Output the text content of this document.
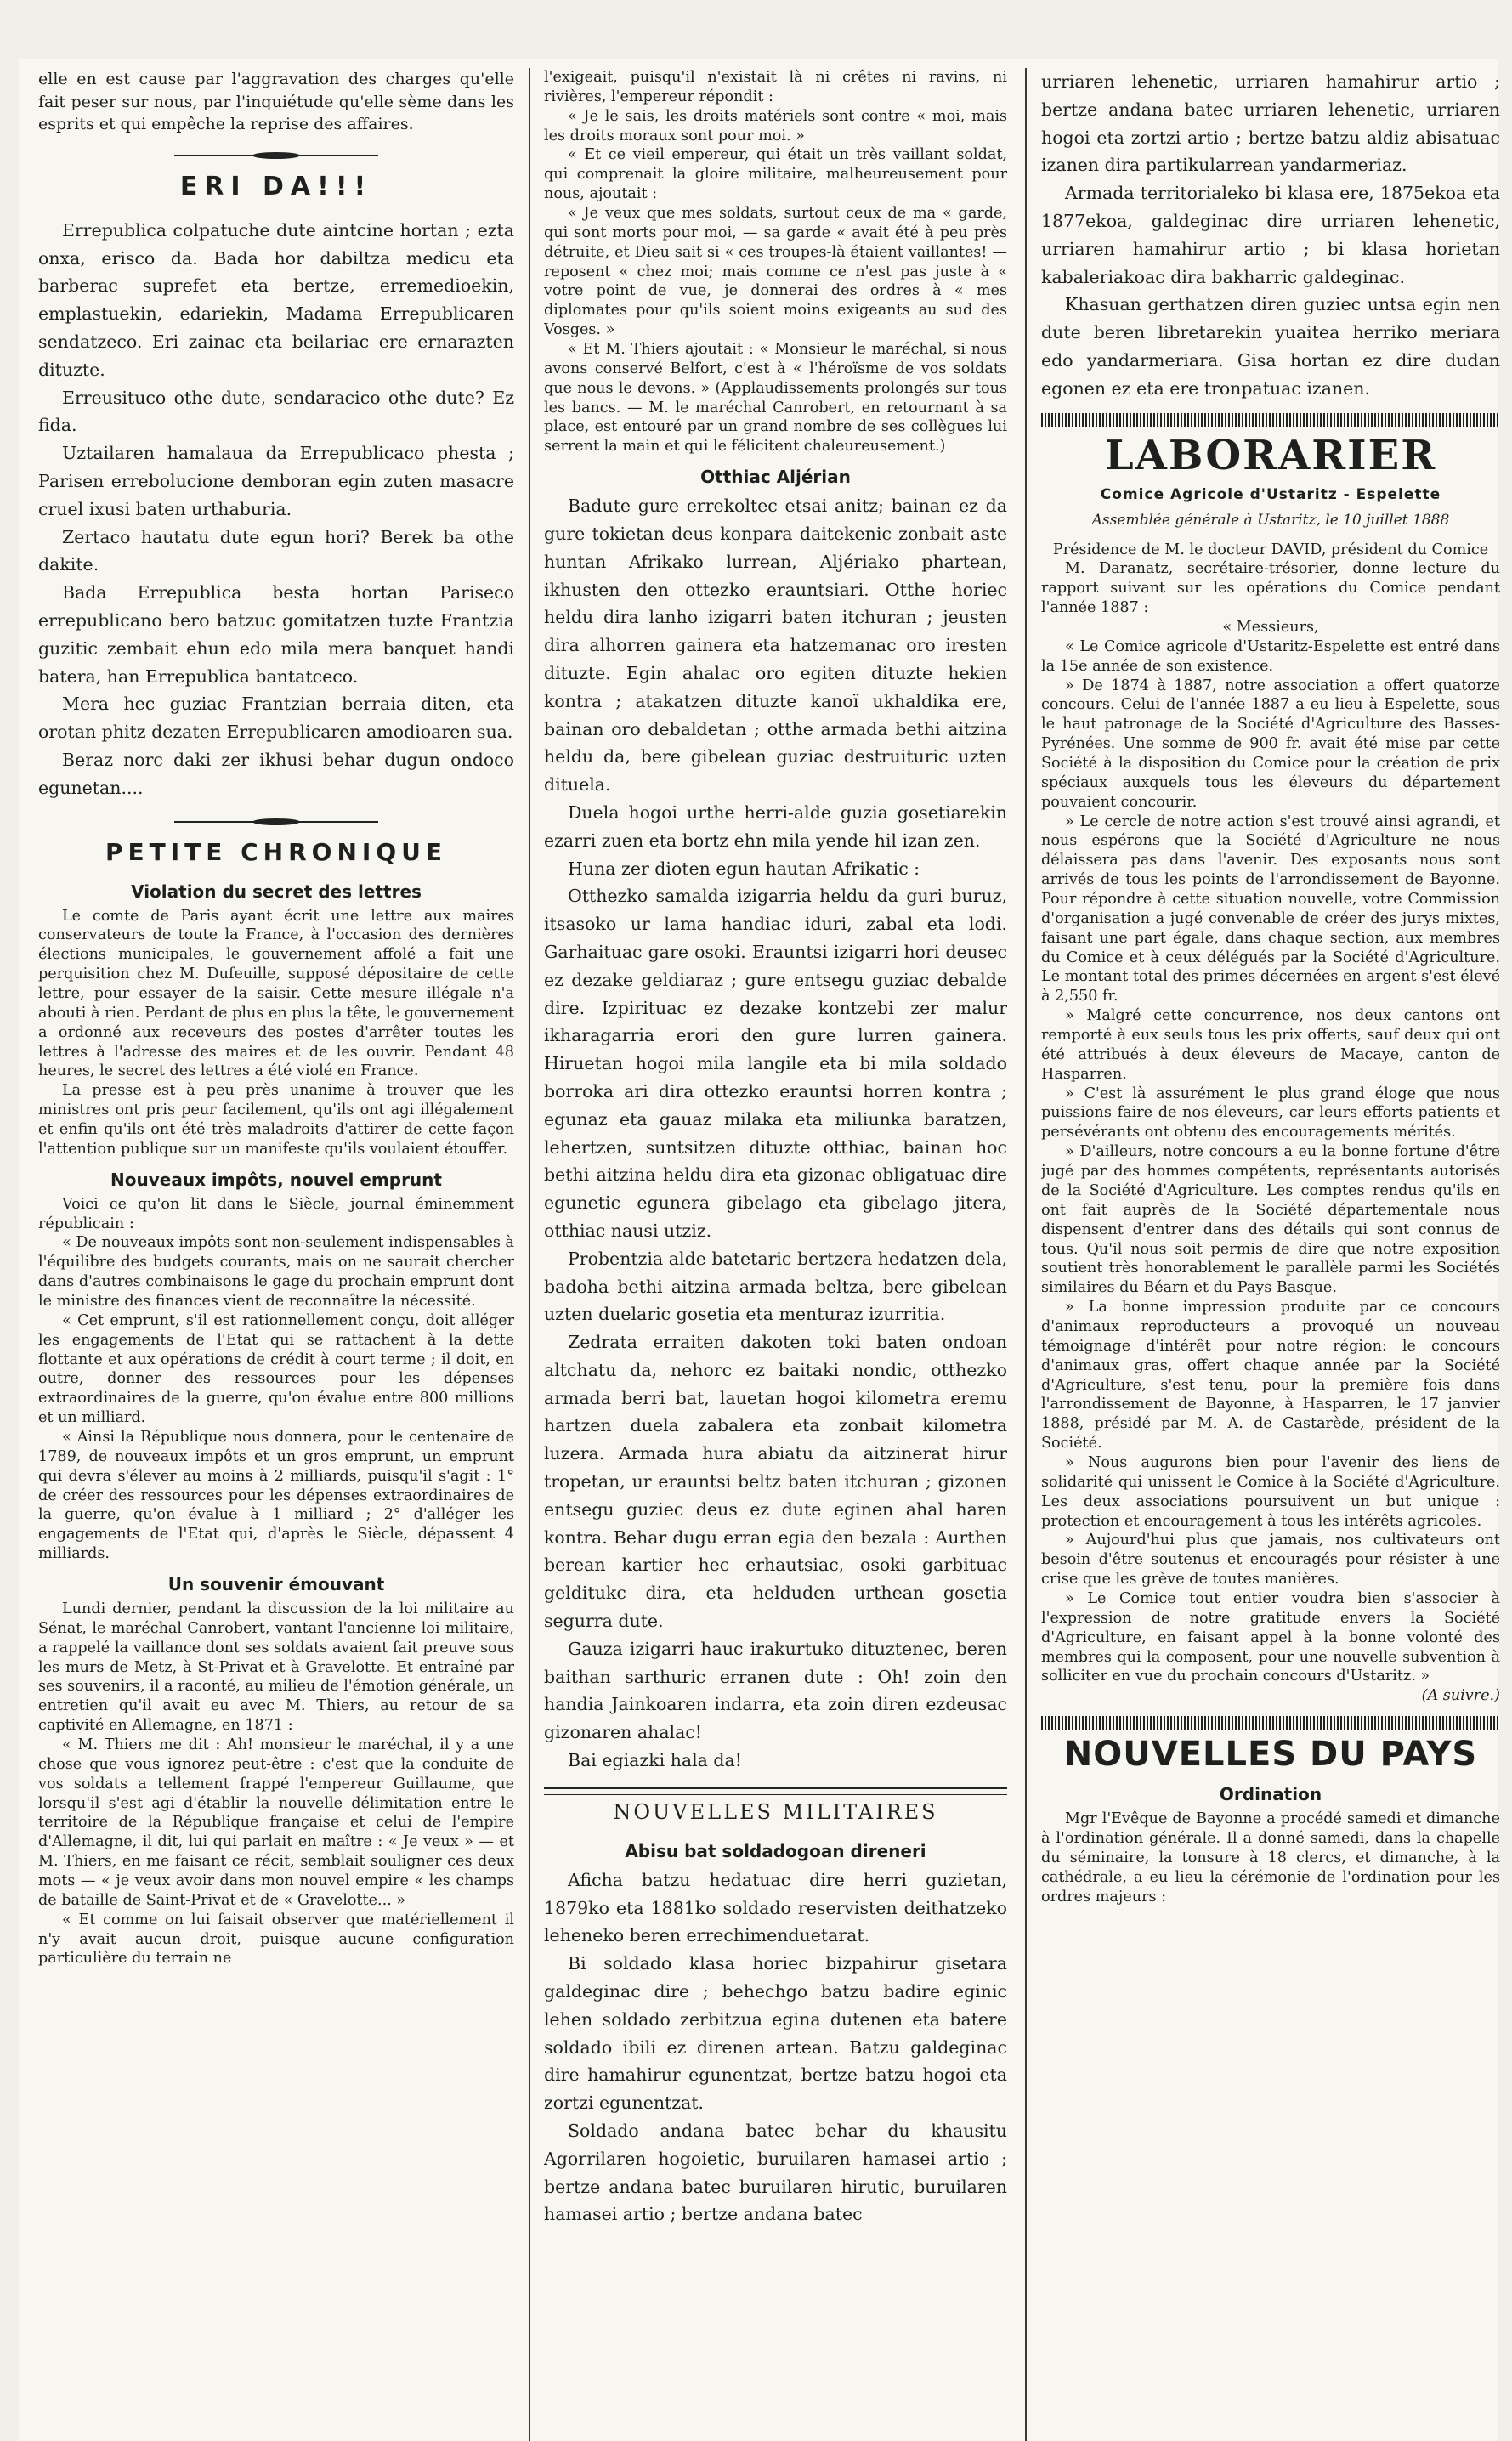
elle en est cause par l'aggravation des charges qu'elle fait peser sur nous, par l'inquiétude qu'elle sème dans les esprits et qui empêche la reprise des affaires.

ERI DA!!!

Errepublica colpatuche dute aintcine hortan ; ezta onxa, erisco da. Bada hor dabiltza medicu eta barberac suprefet eta bertze, erremedioekin, emplastuekin, edariekin, Madama Errepublicaren sendatzeco. Eri zainac eta beilariac ere ernarazten dituzte.

Erreusituco othe dute, sendaracico othe dute? Ez fida.

Uztailaren hamalaua da Errepublicaco phesta ; Parisen errebolucione demboran egin zuten masacre cruel ixusi baten urthaburia.

Zertaco hautatu dute egun hori? Berek ba othe dakite.

Bada Errepublica besta hortan Pariseco errepublicano bero batzuc gomitatzen tuzte Frantzia guzitic zembait ehun edo mila mera banquet handi batera, han Errepublica bantatceco.

Mera hec guziac Frantzian berraia diten, eta orotan phitz dezaten Errepublicaren amodioaren sua.

Beraz norc daki zer ikhusi behar dugun ondoco egunetan....

PETITE CHRONIQUE
Violation du secret des lettres

Le comte de Paris ayant écrit une lettre aux maires conservateurs de toute la France, à l'occasion des dernières élections municipales, le gouvernement affolé a fait une perquisition chez M. Dufeuille, supposé dépositaire de cette lettre, pour essayer de la saisir. Cette mesure illégale n'a abouti à rien. Perdant de plus en plus la tête, le gouvernement a ordonné aux receveurs des postes d'arrêter toutes les lettres à l'adresse des maires et de les ouvrir. Pendant 48 heures, le secret des lettres a été violé en France.

La presse est à peu près unanime à trouver que les ministres ont pris peur facilement, qu'ils ont agi illégalement et enfin qu'ils ont été très maladroits d'attirer de cette façon l'attention publique sur un manifeste qu'ils voulaient étouffer.

Nouveaux impôts, nouvel emprunt

Voici ce qu'on lit dans le Siècle, journal éminemment républicain :

« De nouveaux impôts sont non-seulement indispensables à l'équilibre des budgets courants, mais on ne saurait chercher dans d'autres combinaisons le gage du prochain emprunt dont le ministre des finances vient de reconnaître la nécessité.

« Cet emprunt, s'il est rationnellement conçu, doit alléger les engagements de l'Etat qui se rattachent à la dette flottante et aux opérations de crédit à court terme ; il doit, en outre, donner des ressources pour les dépenses extraordinaires de la guerre, qu'on évalue entre 800 millions et un milliard.

« Ainsi la République nous donnera, pour le centenaire de 1789, de nouveaux impôts et un gros emprunt, un emprunt qui devra s'élever au moins à 2 milliards, puisqu'il s'agit : 1° de créer des ressources pour les dépenses extraordinaires de la guerre, qu'on évalue à 1 milliard ; 2° d'alléger les engagements de l'Etat qui, d'après le Siècle, dépassent 4 milliards.

Un souvenir émouvant

Lundi dernier, pendant la discussion de la loi militaire au Sénat, le maréchal Canrobert, vantant l'ancienne loi militaire, a rappelé la vaillance dont ses soldats avaient fait preuve sous les murs de Metz, à St-Privat et à Gravelotte. Et entraîné par ses souvenirs, il a raconté, au milieu de l'émotion générale, un entretien qu'il avait eu avec M. Thiers, au retour de sa captivité en Allemagne, en 1871 :

« M. Thiers me dit : Ah! monsieur le maréchal, il y a une chose que vous ignorez peut-être : c'est que la conduite de vos soldats a tellement frappé l'empereur Guillaume, que lorsqu'il s'est agi d'établir la nouvelle délimitation entre le territoire de la République française et celui de l'empire d'Allemagne, il dit, lui qui parlait en maître : « Je veux » — et M. Thiers, en me faisant ce récit, semblait souligner ces deux mots — « je veux avoir dans mon nouvel empire « les champs de bataille de Saint-Privat et de « Gravelotte... »

« Et comme on lui faisait observer que matériellement il n'y avait aucun droit, puisque aucune configuration particulière du terrain ne

l'exigeait, puisqu'il n'existait là ni crêtes ni ravins, ni rivières, l'empereur répondit :

« Je le sais, les droits matériels sont contre « moi, mais les droits moraux sont pour moi. »

« Et ce vieil empereur, qui était un très vaillant soldat, qui comprenait la gloire militaire, malheureusement pour nous, ajoutait :

« Je veux que mes soldats, surtout ceux de ma « garde, qui sont morts pour moi, — sa garde « avait été à peu près détruite, et Dieu sait si « ces troupes-là étaient vaillantes! — reposent « chez moi; mais comme ce n'est pas juste à « votre point de vue, je donnerai des ordres à « mes diplomates pour qu'ils soient moins exigeants au sud des Vosges. »

« Et M. Thiers ajoutait : « Monsieur le maréchal, si nous avons conservé Belfort, c'est à « l'héroïsme de vos soldats que nous le devons. » (Applaudissements prolongés sur tous les bancs. — M. le maréchal Canrobert, en retournant à sa place, est entouré par un grand nombre de ses collègues lui serrent la main et qui le félicitent chaleureusement.)

Otthiac Aljérian

Badute gure errekoltec etsai anitz; bainan ez da gure tokietan deus konpara daitekenic zonbait aste huntan Afrikako lurrean, Aljériako phartean, ikhusten den ottezko erauntsiari. Otthe horiec heldu dira lanho izigarri baten itchuran ; jeusten dira alhorren gainera eta hatzemanac oro iresten dituzte. Egin ahalac oro egiten dituzte hekien kontra ; atakatzen dituzte kanoï ukhaldika ere, bainan oro debaldetan ; otthe armada bethi aitzina heldu da, bere gibelean guziac destruituric uzten dituela.

Duela hogoi urthe herri-alde guzia gosetiarekin ezarri zuen eta bortz ehn mila yende hil izan zen.

Huna zer dioten egun hautan Afrikatic :

Otthezko samalda izigarria heldu da guri buruz, itsasoko ur lama handiac iduri, zabal eta lodi. Garhaituac gare osoki. Erauntsi izigarri hori deusec ez dezake geldiaraz ; gure entsegu guziac debalde dire. Izpirituac ez dezake kontzebi zer malur ikharagarria erori den gure lurren gainera. Hiruetan hogoi mila langile eta bi mila soldado borroka ari dira ottezko erauntsi horren kontra ; egunaz eta gauaz milaka eta miliunka baratzen, lehertzen, suntsitzen dituzte otthiac, bainan hoc bethi aitzina heldu dira eta gizonac obligatuac dire egunetic egunera gibelago eta gibelago jitera, otthiac nausi utziz.

Probentzia alde batetaric bertzera hedatzen dela, badoha bethi aitzina armada beltza, bere gibelean uzten duelaric gosetia eta menturaz izurritia.

Zedrata erraiten dakoten toki baten ondoan altchatu da, nehorc ez baitaki nondic, otthezko armada berri bat, lauetan hogoi kilometra eremu hartzen duela zabalera eta zonbait kilometra luzera. Armada hura abiatu da aitzinerat hirur tropetan, ur erauntsi beltz baten itchuran ; gizonen entsegu guziec deus ez dute eginen ahal haren kontra. Behar dugu erran egia den bezala : Aurthen berean kartier hec erhautsiac, osoki garbituac gelditukc dira, eta helduden urthean gosetia segurra dute.

Gauza izigarri hauc irakurtuko dituztenec, beren baithan sarthuric erranen dute : Oh! zoin den handia Jainkoaren indarra, eta zoin diren ezdeusac gizonaren ahalac!

Bai egiazki hala da!

NOUVELLES MILITAIRES
Abisu bat soldadogoan direneri

Aficha batzu hedatuac dire herri guzietan, 1879ko eta 1881ko soldado reservisten deithatzeko leheneko beren errechimenduetarat.

Bi soldado klasa horiec bizpahirur gisetara galdeginac dire ; behechgo batzu badire eginic lehen soldado zerbitzua egina dutenen eta batere soldado ibili ez direnen artean. Batzu galdeginac dire hamahirur egunentzat, bertze batzu hogoi eta zortzi egunentzat.

Soldado andana batec behar du khausitu Agorrilaren hogoietic, buruilaren hamasei artio ; bertze andana batec buruilaren hirutic, buruilaren hamasei artio ; bertze andana batec

urriaren lehenetic, urriaren hamahirur artio ; bertze andana batec urriaren lehenetic, urriaren hogoi eta zortzi artio ; bertze batzu aldiz abisatuac izanen dira partikularrean yandarmeriaz.

Armada territorialeko bi klasa ere, 1875ekoa eta 1877ekoa, galdeginac dire urriaren lehenetic, urriaren hamahirur artio ; bi klasa horietan kabaleriakoac dira bakharric galdeginac.

Khasuan gerthatzen diren guziec untsa egin nen dute beren libretarekin yuaitea herriko meriara edo yandarmeriara. Gisa hortan ez dire dudan egonen ez eta ere tronpatuac izanen.

LABORARIER
Comice Agricole d'Ustaritz - Espelette
Assemblée générale à Ustaritz, le 10 juillet 1888

Présidence de M. le docteur DAVID, président du Comice

M. Daranatz, secrétaire-trésorier, donne lecture du rapport suivant sur les opérations du Comice pendant l'année 1887 :

« Messieurs,

« Le Comice agricole d'Ustaritz-Espelette est entré dans la 15e année de son existence.

» De 1874 à 1887, notre association a offert quatorze concours. Celui de l'année 1887 a eu lieu à Espelette, sous le haut patronage de la Société d'Agriculture des Basses-Pyrénées. Une somme de 900 fr. avait été mise par cette Société à la disposition du Comice pour la création de prix spéciaux auxquels tous les éleveurs du département pouvaient concourir.

» Le cercle de notre action s'est trouvé ainsi agrandi, et nous espérons que la Société d'Agriculture ne nous délaissera pas dans l'avenir. Des exposants nous sont arrivés de tous les points de l'arrondissement de Bayonne. Pour répondre à cette situation nouvelle, votre Commission d'organisation a jugé convenable de créer des jurys mixtes, faisant une part égale, dans chaque section, aux membres du Comice et à ceux délégués par la Société d'Agriculture. Le montant total des primes décernées en argent s'est élevé à 2,550 fr.

» Malgré cette concurrence, nos deux cantons ont remporté à eux seuls tous les prix offerts, sauf deux qui ont été attribués à deux éleveurs de Macaye, canton de Hasparren.

» C'est là assurément le plus grand éloge que nous puissions faire de nos éleveurs, car leurs efforts patients et persévérants ont obtenu des encouragements mérités.

» D'ailleurs, notre concours a eu la bonne fortune d'être jugé par des hommes compétents, représentants autorisés de la Société d'Agriculture. Les comptes rendus qu'ils en ont fait auprès de la Société départementale nous dispensent d'entrer dans des détails qui sont connus de tous. Qu'il nous soit permis de dire que notre exposition soutient très honorablement le parallèle parmi les Sociétés similaires du Béarn et du Pays Basque.

» La bonne impression produite par ce concours d'animaux reproducteurs a provoqué un nouveau témoignage d'intérêt pour notre région: le concours d'animaux gras, offert chaque année par la Société d'Agriculture, s'est tenu, pour la première fois dans l'arrondissement de Bayonne, à Hasparren, le 17 janvier 1888, présidé par M. A. de Castarède, président de la Société.

» Nous augurons bien pour l'avenir des liens de solidarité qui unissent le Comice à la Société d'Agriculture. Les deux associations poursuivent un but unique : protection et encouragement à tous les intérêts agricoles.

» Aujourd'hui plus que jamais, nos cultivateurs ont besoin d'être soutenus et encouragés pour résister à une crise que les grève de toutes manières.

» Le Comice tout entier voudra bien s'associer à l'expression de notre gratitude envers la Société d'Agriculture, en faisant appel à la bonne volonté des membres qui la composent, pour une nouvelle subvention à solliciter en vue du prochain concours d'Ustaritz. »

(A suivre.)

NOUVELLES DU PAYS
Ordination

Mgr l'Evêque de Bayonne a procédé samedi et dimanche à l'ordination générale. Il a donné samedi, dans la chapelle du séminaire, la tonsure à 18 clercs, et dimanche, à la cathédrale, a eu lieu la cérémonie de l'ordination pour les ordres majeurs :
